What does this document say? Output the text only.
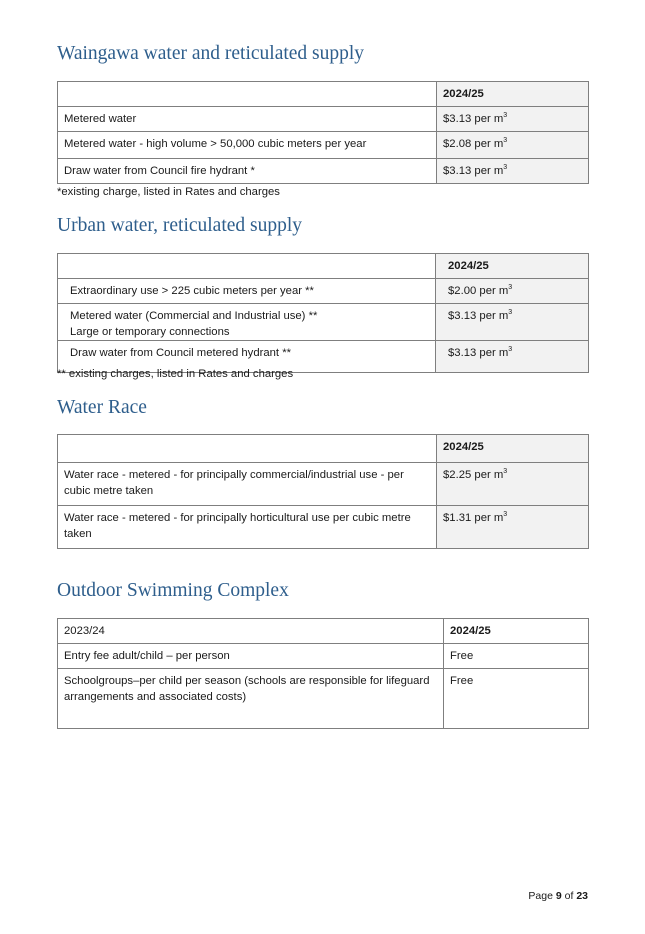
Waingawa water and reticulated supply
	2024/25
Metered water	$3.13 per $m^3$
Metered water - high volume > 50,000 cubic meters per year	$2.08 per $m^3$
Draw water from Council fire hydrant *	$3.13 per $m^3$

*existing charge, listed in Rates and charges

Urban water, reticulated supply
	2024/25
Extraordinary use > 225 cubic meters per year **	$2.00 per $m^3$

Metered water (Commercial and Industrial use) **
Large or temporary connections	$3.13 per $m^3$
Draw water from Council metered hydrant **	$3.13 per $m^3$

** existing charges, listed in Rates and charges

Water Race
	2024/25
Water race - metered - for principally commercial/industrial use - per cubic metre taken	$2.25 per $m^3$
Water race - metered - for principally horticultural use per cubic metre taken	$1.31 per $m^3$
Outdoor Swimming Complex
2023/24	2024/25
Entry fee adult/child – per person	Free
Schoolgroups–per child per season (schools are responsible for lifeguard arrangements and associated costs)	Free
Page 9 of 23
